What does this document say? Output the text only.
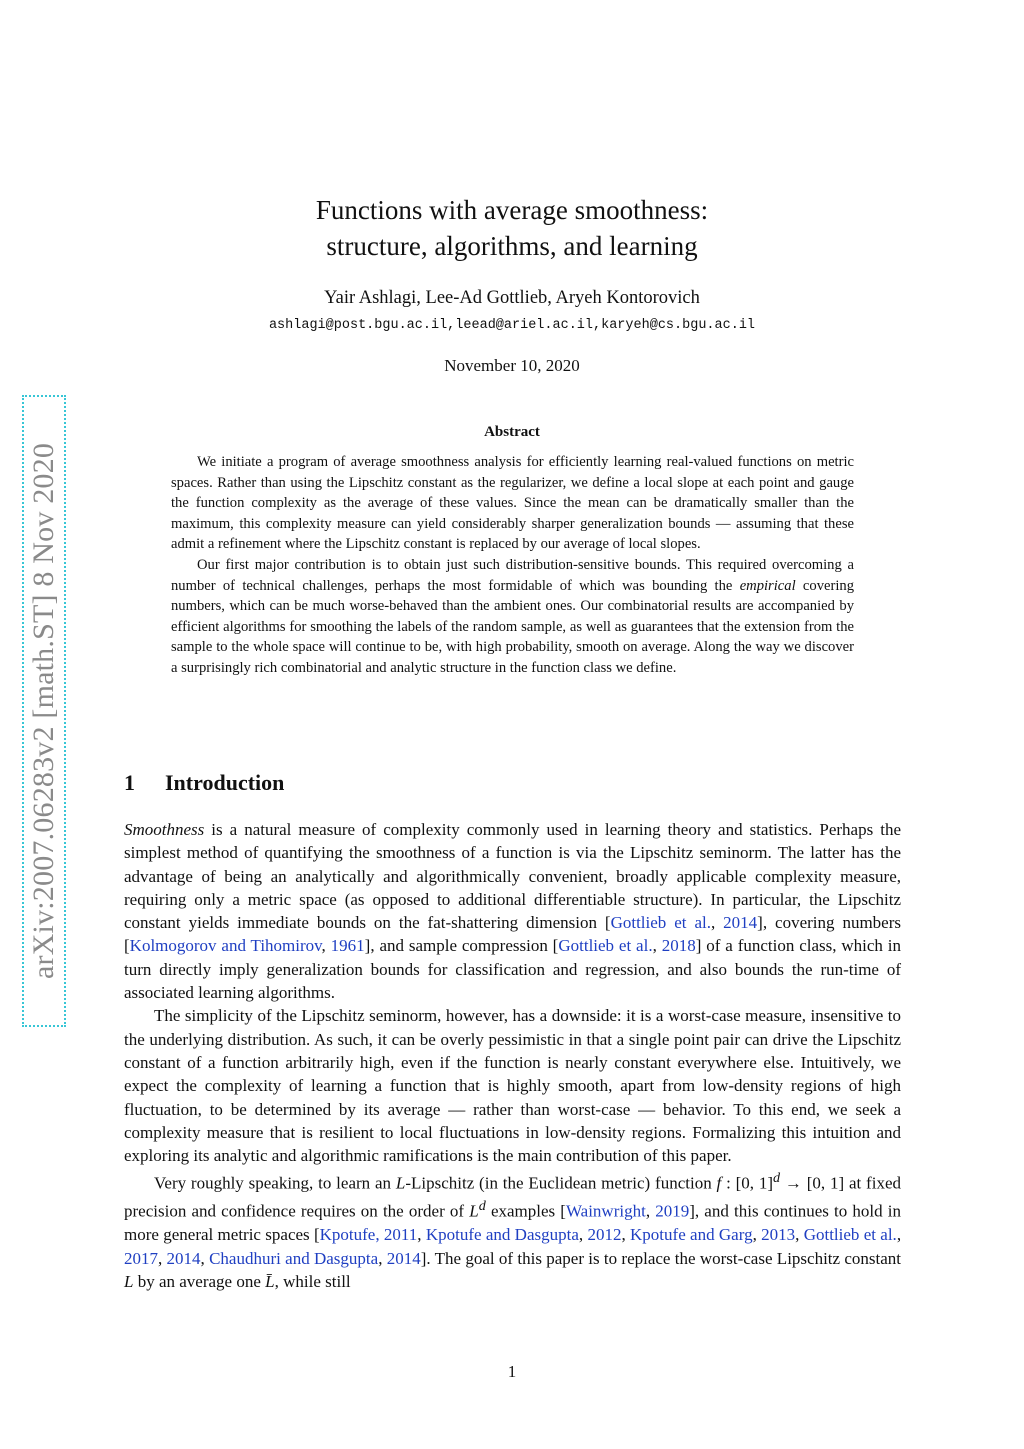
arXiv:2007.06283v2 [math.ST] 8 Nov 2020
Functions with average smoothness:
structure, algorithms, and learning
Yair Ashlagi, Lee-Ad Gottlieb, Aryeh Kontorovich
ashlagi@post.bgu.ac.il,leead@ariel.ac.il,karyeh@cs.bgu.ac.il
November 10, 2020
Abstract

We initiate a program of average smoothness analysis for efficiently learning real-valued functions on metric spaces. Rather than using the Lipschitz constant as the regularizer, we define a local slope at each point and gauge the function complexity as the average of these values. Since the mean can be dramatically smaller than the maximum, this complexity measure can yield considerably sharper generalization bounds — assuming that these admit a refinement where the Lipschitz constant is replaced by our average of local slopes.

Our first major contribution is to obtain just such distribution-sensitive bounds. This required overcoming a number of technical challenges, perhaps the most formidable of which was bounding the empirical covering numbers, which can be much worse-behaved than the ambient ones. Our combinatorial results are accompanied by efficient algorithms for smoothing the labels of the random sample, as well as guarantees that the extension from the sample to the whole space will continue to be, with high probability, smooth on average. Along the way we discover a surprisingly rich combinatorial and analytic structure in the function class we define.

1 Introduction

Smoothness is a natural measure of complexity commonly used in learning theory and statistics. Perhaps the simplest method of quantifying the smoothness of a function is via the Lipschitz seminorm. The latter has the advantage of being an analytically and algorithmically convenient, broadly applicable complexity measure, requiring only a metric space (as opposed to additional differentiable structure). In particular, the Lipschitz constant yields immediate bounds on the fat-shattering dimension [Gottlieb et al., 2014], covering numbers [Kolmogorov and Tihomirov, 1961], and sample compression [Gottlieb et al., 2018] of a function class, which in turn directly imply generalization bounds for classification and regression, and also bounds the run-time of associated learning algorithms.

The simplicity of the Lipschitz seminorm, however, has a downside: it is a worst-case measure, insensitive to the underlying distribution. As such, it can be overly pessimistic in that a single point pair can drive the Lipschitz constant of a function arbitrarily high, even if the function is nearly constant everywhere else. Intuitively, we expect the complexity of learning a function that is highly smooth, apart from low-density regions of high fluctuation, to be determined by its average — rather than worst-case — behavior. To this end, we seek a complexity measure that is resilient to local fluctuations in low-density regions. Formalizing this intuition and exploring its analytic and algorithmic ramifications is the main contribution of this paper.

Very roughly speaking, to learn an L-Lipschitz (in the Euclidean metric) function f : [0, 1]$^d$ → [0, 1] at fixed precision and confidence requires on the order of $L^d$ examples [Wainwright, 2019], and this continues to hold in more general metric spaces [Kpotufe, 2011, Kpotufe and Dasgupta, 2012, Kpotufe and Garg, 2013, Gottlieb et al., 2017, 2014, Chaudhuri and Dasgupta, 2014]. The goal of this paper is to replace the worst-case Lipschitz constant L by an average one L̄, while still

1
